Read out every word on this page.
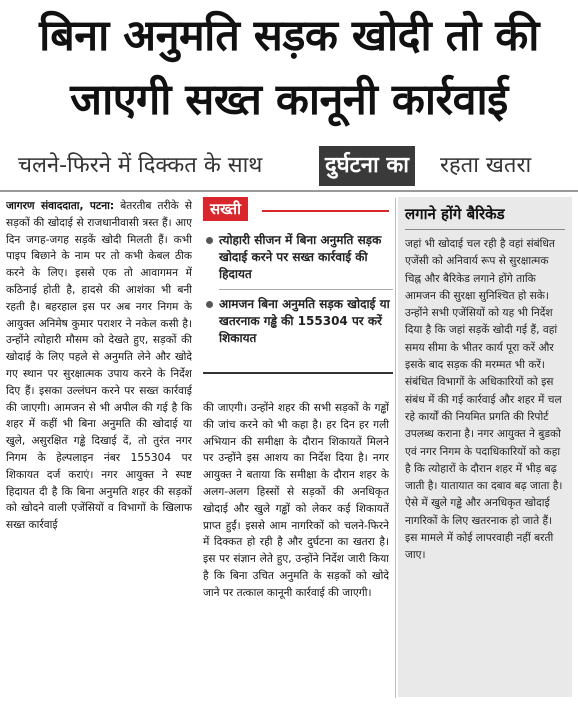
बिना अनुमति सड़क खोदी तो की
जाएगी सख्त कानूनी कार्रवाई
चलने-फिरने में दिक्कत के साथ	दुर्घटना का रहता खतरा
जागरण संवाददाता, पटना: बेतरतीब तरीके से सड़कों की खोदाई से राजधानीवासी त्रस्त हैं। आए दिन जगह-जगह सड़कें खोदी मिलती हैं। कभी पाइप बिछाने के नाम पर तो कभी केबल ठीक करने के लिए। इससे एक तो आवागमन में कठिनाई होती है, हादसे की आशंका भी बनी रहती है। बहरहाल इस पर अब नगर निगम के आयुक्त अनिमेष कुमार पराशर ने नकेल कसी है। उन्होंने त्योहारी मौसम को देखते हुए, सड़कों की खोदाई के लिए पहले से अनुमति लेने और खोदे गए स्थान पर सुरक्षात्मक उपाय करने के निर्देश दिए हैं। इसका उल्लंघन करने पर सख्त कार्रवाई की जाएगी। आमजन से भी अपील की गई है कि शहर में कहीं भी बिना अनुमति की खोदाई या खुले, असुरक्षित गड्ढे दिखाई दें, तो तुरंत नगर निगम के हेल्पलाइन नंबर 155304 पर शिकायत दर्ज कराएं। नगर आयुक्त ने स्पष्ट हिदायत दी है कि बिना अनुमति शहर की सड़कों को खोदने वाली एजेंसियों व विभागों के खिलाफ सख्त कार्रवाई
सख्ती
त्योहारी सीजन में बिना अनुमति सड़क खोदाई करने पर सख्त कार्रवाई की हिदायत
आमजन बिना अनुमति सड़क खोदाई या खतरनाक गड्ढे की 155304 पर करें शिकायत
की जाएगी। उन्होंने शहर की सभी सड़कों के गड्ढों की जांच करने को भी कहा है। हर दिन हर गली अभियान की समीक्षा के दौरान शिकायतें मिलने पर उन्होंने इस आशय का निर्देश दिया है। नगर आयुक्त ने बताया कि समीक्षा के दौरान शहर के अलग-अलग हिस्सों से सड़कों की अनधिकृत खोदाई और खुले गड्ढों को लेकर कई शिकायतें प्राप्त हुईं। इससे आम नागरिकों को चलने-फिरने में दिक्कत हो रही है और दुर्घटना का खतरा है। इस पर संज्ञान लेते हुए, उन्होंने निर्देश जारी किया है कि बिना उचित अनुमति के सड़कों को खोदे जाने पर तत्काल कानूनी कार्रवाई की जाएगी।
लगाने होंगे बैरिकेड
जहां भी खोदाई चल रही है वहां संबंधित एजेंसी को अनिवार्य रूप से सुरक्षात्मक चिह्न और बैरिकेड लगाने होंगे ताकि आमजन की सुरक्षा सुनिश्चित हो सके। उन्होंने सभी एजेंसियों को यह भी निर्देश दिया है कि जहां सड़कें खोदी गई हैं, वहां समय सीमा के भीतर कार्य पूरा करें और इसके बाद सड़क की मरम्मत भी करें। संबंधित विभागों के अधिकारियों को इस संबंध में की गई कार्रवाई और शहर में चल रहे कार्यों की नियमित प्रगति की रिपोर्ट उपलब्ध कराना है। नगर आयुक्त ने बुडको एवं नगर निगम के पदाधिकारियों को कहा है कि त्योहारों के दौरान शहर में भीड़ बढ़ जाती है। यातायात का दबाव बढ़ जाता है। ऐसे में खुले गड्ढे और अनधिकृत खोदाई नागरिकों के लिए खतरनाक हो जाते हैं। इस मामले में कोई लापरवाही नहीं बरती जाए।
